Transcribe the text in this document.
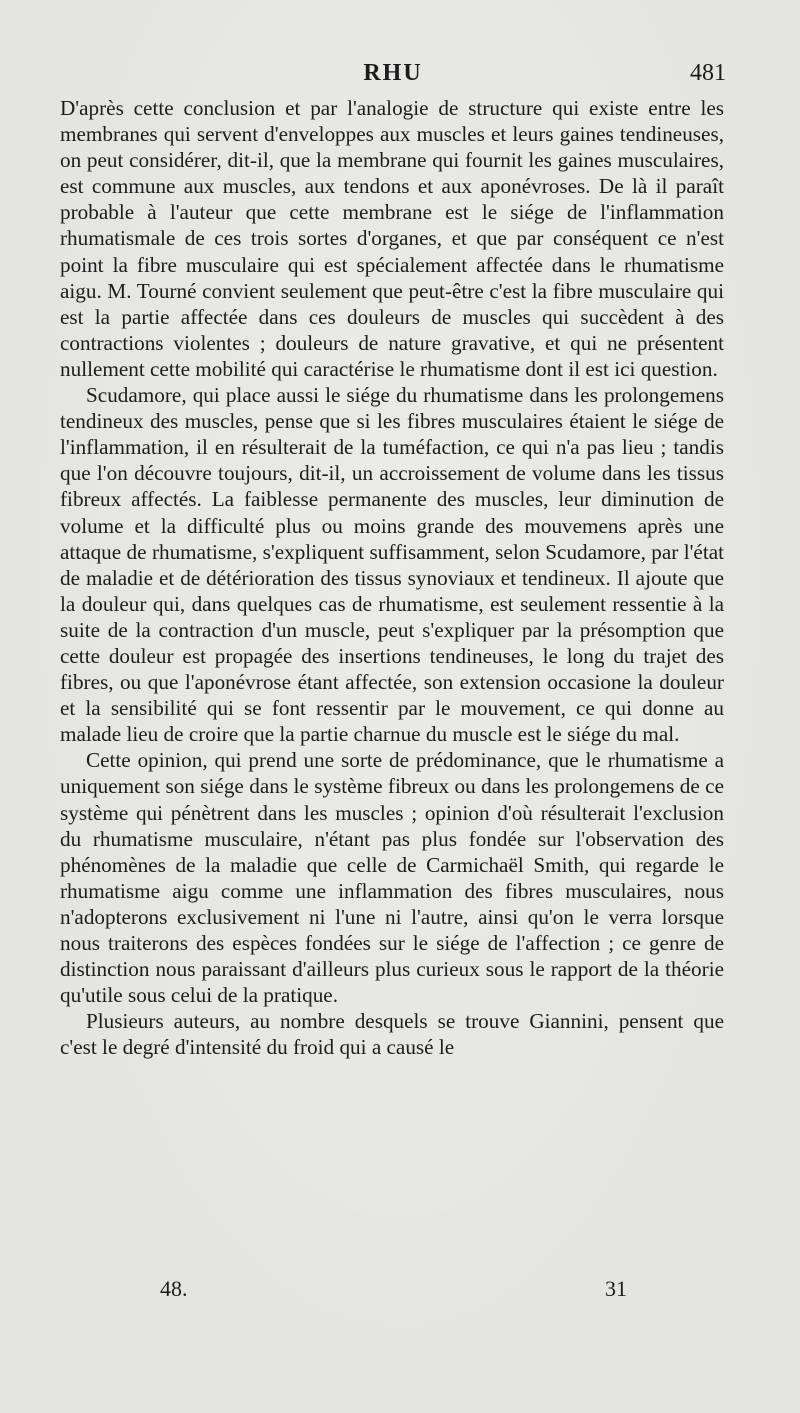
RHU	481

D'après cette conclusion et par l'analogie de structure qui existe entre les membranes qui servent d'enveloppes aux muscles et leurs gaines tendineuses, on peut considérer, dit-il, que la membrane qui fournit les gaines musculaires, est commune aux muscles, aux tendons et aux aponévroses. De là il paraît probable à l'auteur que cette membrane est le siége de l'inflammation rhumatismale de ces trois sortes d'organes, et que par conséquent ce n'est point la fibre musculaire qui est spécialement affectée dans le rhumatisme aigu. M. Tourné convient seulement que peut-être c'est la fibre musculaire qui est la partie affectée dans ces douleurs de muscles qui succèdent à des contractions violentes ; douleurs de nature gravative, et qui ne présentent nullement cette mobilité qui caractérise le rhumatisme dont il est ici question.

Scudamore, qui place aussi le siége du rhumatisme dans les prolongemens tendineux des muscles, pense que si les fibres musculaires étaient le siége de l'inflammation, il en résulterait de la tuméfaction, ce qui n'a pas lieu ; tandis que l'on découvre toujours, dit-il, un accroissement de volume dans les tissus fibreux affectés. La faiblesse permanente des muscles, leur diminution de volume et la difficulté plus ou moins grande des mouvemens après une attaque de rhumatisme, s'expliquent suffisamment, selon Scudamore, par l'état de maladie et de détérioration des tissus synoviaux et tendineux. Il ajoute que la douleur qui, dans quelques cas de rhumatisme, est seulement ressentie à la suite de la contraction d'un muscle, peut s'expliquer par la présomption que cette douleur est propagée des insertions tendineuses, le long du trajet des fibres, ou que l'aponévrose étant affectée, son extension occasione la douleur et la sensibilité qui se font ressentir par le mouvement, ce qui donne au malade lieu de croire que la partie charnue du muscle est le siége du mal.

Cette opinion, qui prend une sorte de prédominance, que le rhumatisme a uniquement son siége dans le système fibreux ou dans les prolongemens de ce système qui pénètrent dans les muscles ; opinion d'où résulterait l'exclusion du rhumatisme musculaire, n'étant pas plus fondée sur l'observation des phénomènes de la maladie que celle de Carmichaël Smith, qui regarde le rhumatisme aigu comme une inflammation des fibres musculaires, nous n'adopterons exclusivement ni l'une ni l'autre, ainsi qu'on le verra lorsque nous traiterons des espèces fondées sur le siége de l'affection ; ce genre de distinction nous paraissant d'ailleurs plus curieux sous le rapport de la théorie qu'utile sous celui de la pratique.

Plusieurs auteurs, au nombre desquels se trouve Giannini, pensent que c'est le degré d'intensité du froid qui a causé le

48.	31
